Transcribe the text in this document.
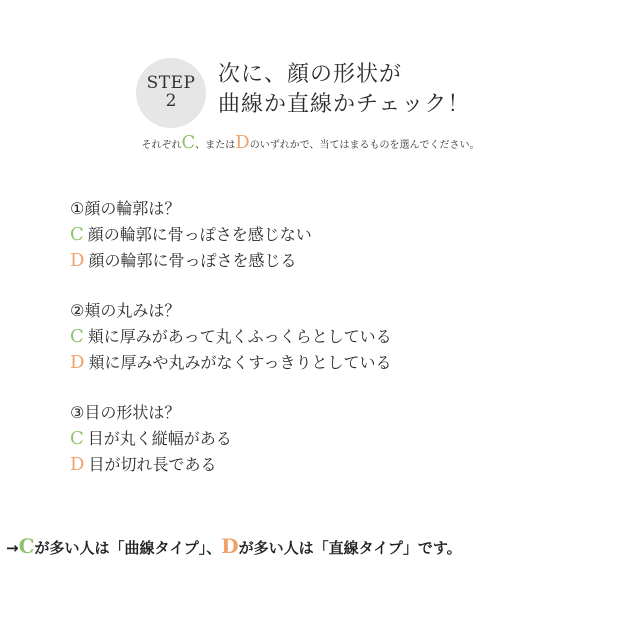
STEP
2
次に、顔の形状が
曲線か直線かチェック！
それぞれC、またはDのいずれかで、当てはまるものを選んでください。
①顔の輪郭は？
C 顔の輪郭に骨っぽさを感じない
D 顔の輪郭に骨っぽさを感じる
②頬の丸みは？
C 頬に厚みがあって丸くふっくらとしている
D 頬に厚みや丸みがなくすっきりとしている
③目の形状は？
C 目が丸く縦幅がある
D 目が切れ長である
→Cが多い人は「曲線タイプ」、Dが多い人は「直線タイプ」です。
